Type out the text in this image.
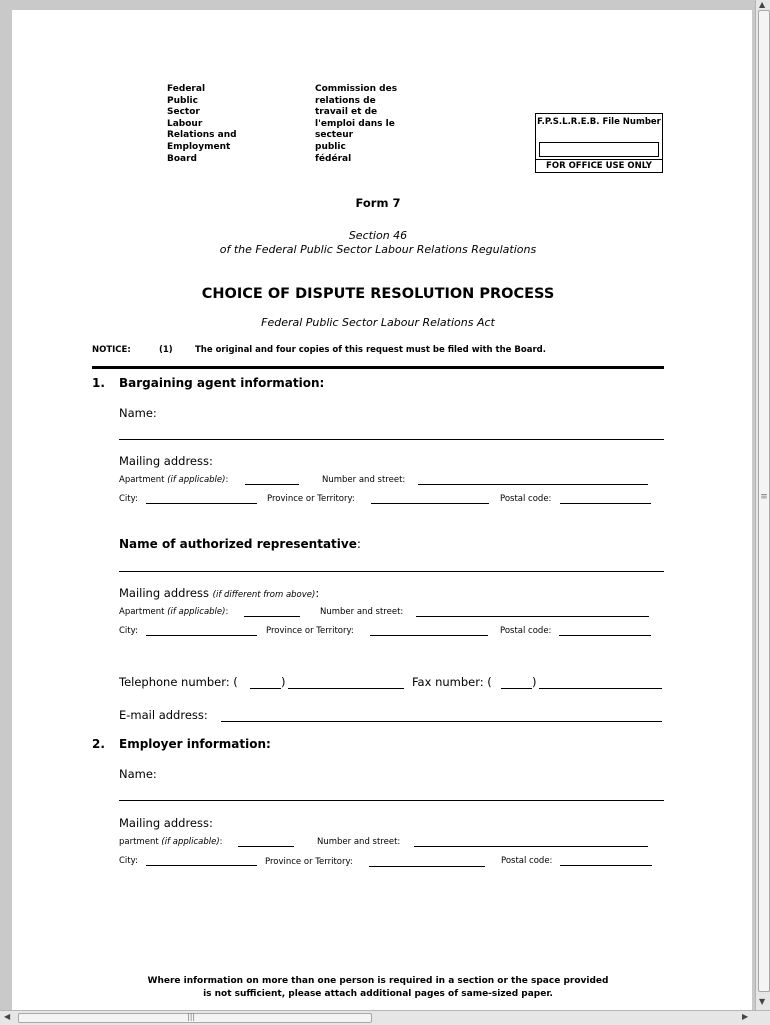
Federal
Public
Sector
Labour
Relations and
Employment
Board
Commission des
relations de
travail et de
l'emploi dans le
secteur
public
fédéral
F.P.S.L.R.E.B. File Number
FOR OFFICE USE ONLY
Form 7
Section 46
of the Federal Public Sector Labour Relations Regulations
CHOICE OF DISPUTE RESOLUTION PROCESS
Federal Public Sector Labour Relations Act
NOTICE:	(1)	The original and four copies of this request must be filed with the Board.
1. Bargaining agent information:
Name:
Mailing address:
Apartment (if applicable):	Number and street:
City:	Province or Territory:	Postal code:
Name of authorized representative:
Mailing address (if different from above):
Apartment (if applicable):	Number and street:
City:	Province or Territory:	Postal code:
Telephone number: (	)	Fax number: (	)
E-mail address:
2. Employer information:
Name:
Mailing address:
partment (if applicable):	Number and street:
City:	Province or Territory:	Postal code:
Where information on more than one person is required in a section or the space provided
is not sufficient, please attach additional pages of same-sized paper.
▲
≡
▼
◀	|||	▶
